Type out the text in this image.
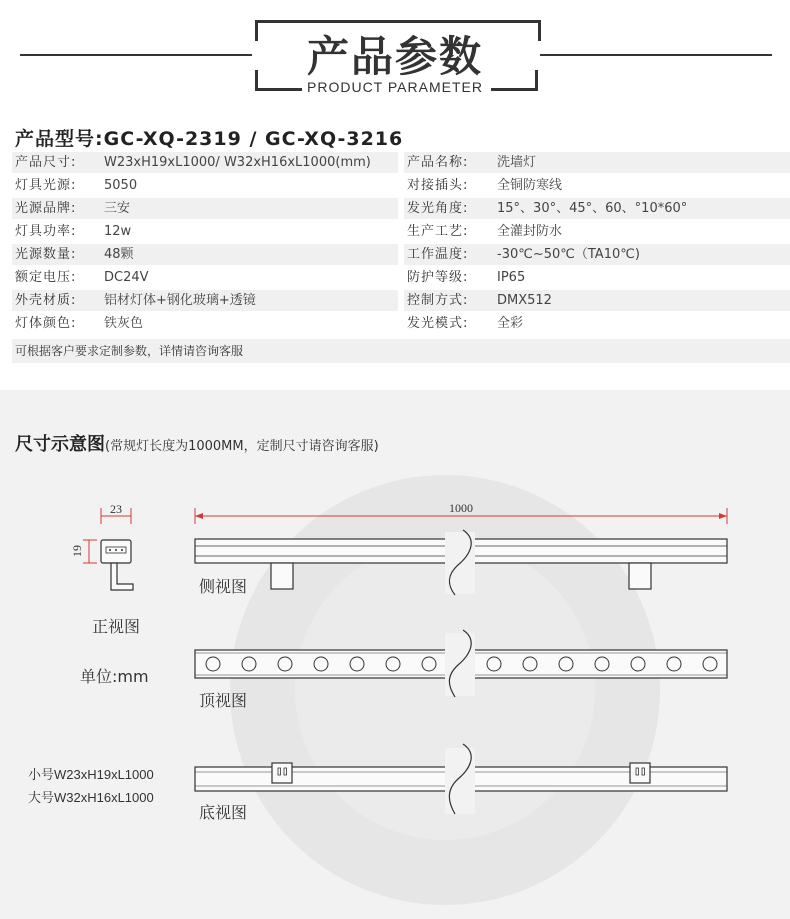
产品参数
PRODUCT PARAMETER
产品型号:GC-XQ-2319 / GC-XQ-3216
产品尺寸:	W23xH19xL1000/ W32xH16xL1000(mm)	产品名称:	洗墙灯
灯具光源:	5050	对接插头:	全铜防寒线
光源品牌:	三安	发光角度:	15°、30°、45°、60、°10*60°
灯具功率:	12w	生产工艺:	全灌封防水
光源数量:	48颗	工作温度:	-30℃~50℃（TA10℃)
额定电压:	DC24V	防护等级:	IP65
外壳材质:	铝材灯体+钢化玻璃+透镜	控制方式:	DMX512
灯体颜色:	铁灰色	发光模式:	全彩
可根据客户要求定制参数，详情请咨询客服
23
19
1000
尺寸示意图(常规灯长度为1000MM，定制尺寸请咨询客服)
侧视图
正视图
单位:mm
顶视图
底视图
小号W23xH19xL1000
大号W32xH16xL1000
